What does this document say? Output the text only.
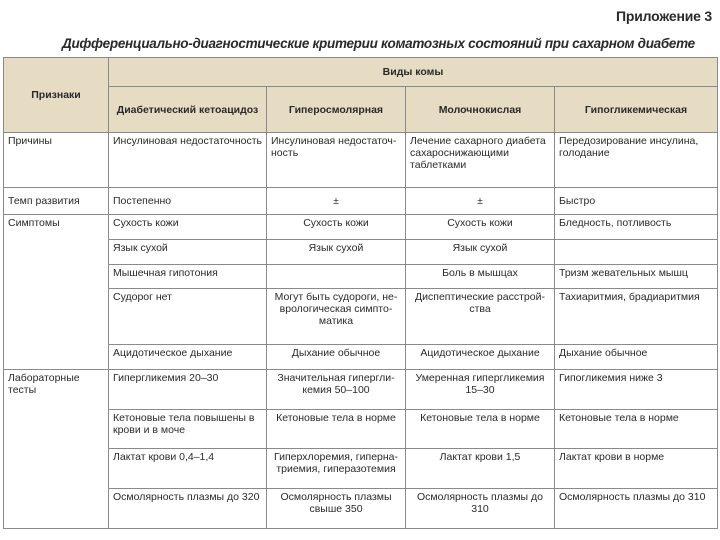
Приложение 3
Дифференциально-диагностические критерии коматозных состояний при сахарном диабете
Признаки	Виды комы			
	Диабетический кетоацидоз	Гиперосмолярная	Молочнокислая	Гипогликемическая
Причины	Инсулиновая недостаточность	Инсулиновая недостаточность	Лечение сахарного диабета сахароснижающими таблетками	Передозирование инсулина, голодание
Темп развития	Постепенно	±	±	Быстро
Симптомы	Сухость кожи	Сухость кожи	Сухость кожи	Бледность, потливость
	Язык сухой	Язык сухой	Язык сухой	
	Мышечная гипотония		Боль в мышцах	Тризм жевательных мышц
	Судорог нет	Могут быть судороги, неврологическая симптоматика	Диспептические расстройства	Тахиаритмия, брадиаритмия
	Ацидотическое дыхание	Дыхание обычное	Ацидотическое дыхание	Дыхание обычное
Лабораторные тесты	Гипергликемия 20–30	Значительная гипергликемия 50–100	Умеренная гипергликемия 15–30	Гипогликемия ниже 3
	Кетоновые тела повышены в крови и в моче	Кетоновые тела в норме	Кетоновые тела в норме	Кетоновые тела в норме
	Лактат крови 0,4–1,4	Гиперхлоремия, гипернатриемия, гиперазотемия	Лактат крови 1,5	Лактат крови в норме
	Осмолярность плазмы до 320	Осмолярность плазмы свыше 350	Осмолярность плазмы до 310	Осмолярность плазмы до 310
